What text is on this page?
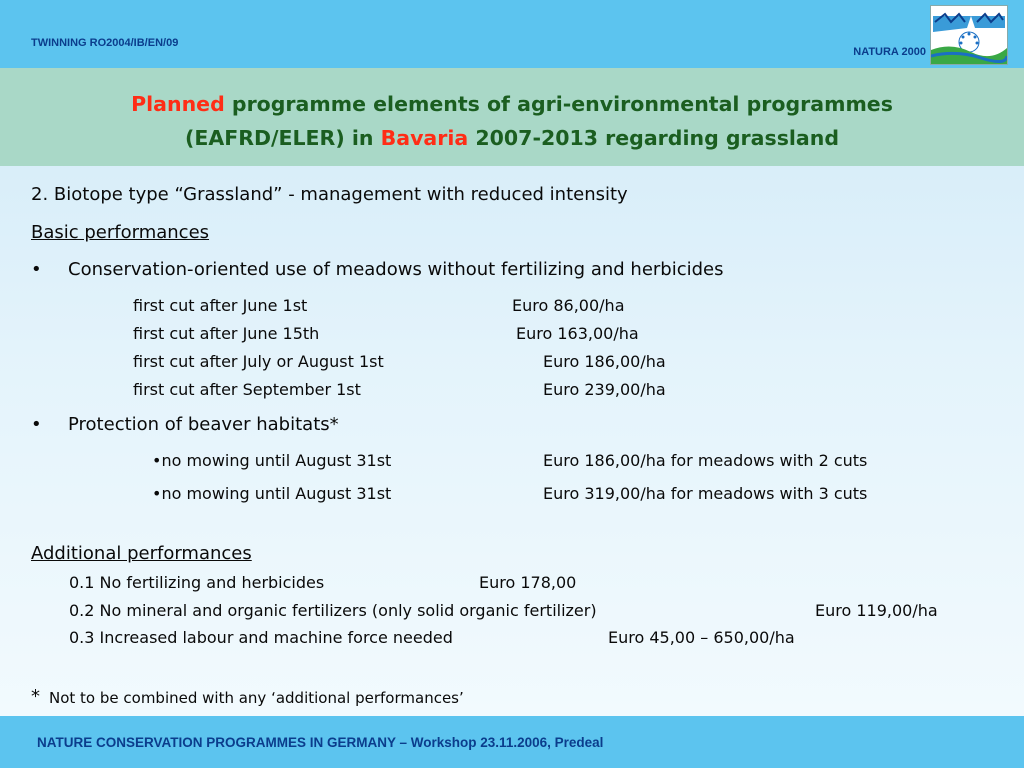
TWINNING RO2004/IB/EN/09
NATURA 2000
Planned programme elements of agri-environmental programmes
(EAFRD/ELER) in Bavaria 2007-2013 regarding grassland
2. Biotope type “Grassland” - management with reduced intensity
Basic performances
• Conservation-oriented use of meadows without fertilizing and herbicides
first cut after June 1st	Euro 86,00/ha
first cut after June 15th	Euro 163,00/ha
first cut after July or August 1st	Euro 186,00/ha
first cut after September 1st	Euro 239,00/ha
• Protection of beaver habitats*
•no mowing until August 31st	Euro 186,00/ha for meadows with 2 cuts
•no mowing until August 31st	Euro 319,00/ha for meadows with 3 cuts
Additional performances
0.1 No fertilizing and herbicides	Euro 178,00
0.2 No mineral and organic fertilizers (only solid organic fertilizer)	Euro 119,00/ha
0.3 Increased labour and machine force needed	Euro 45,00 – 650,00/ha
* Not to be combined with any ‘additional performances’
NATURE CONSERVATION PROGRAMMES IN GERMANY – Workshop 23.11.2006, Predeal
